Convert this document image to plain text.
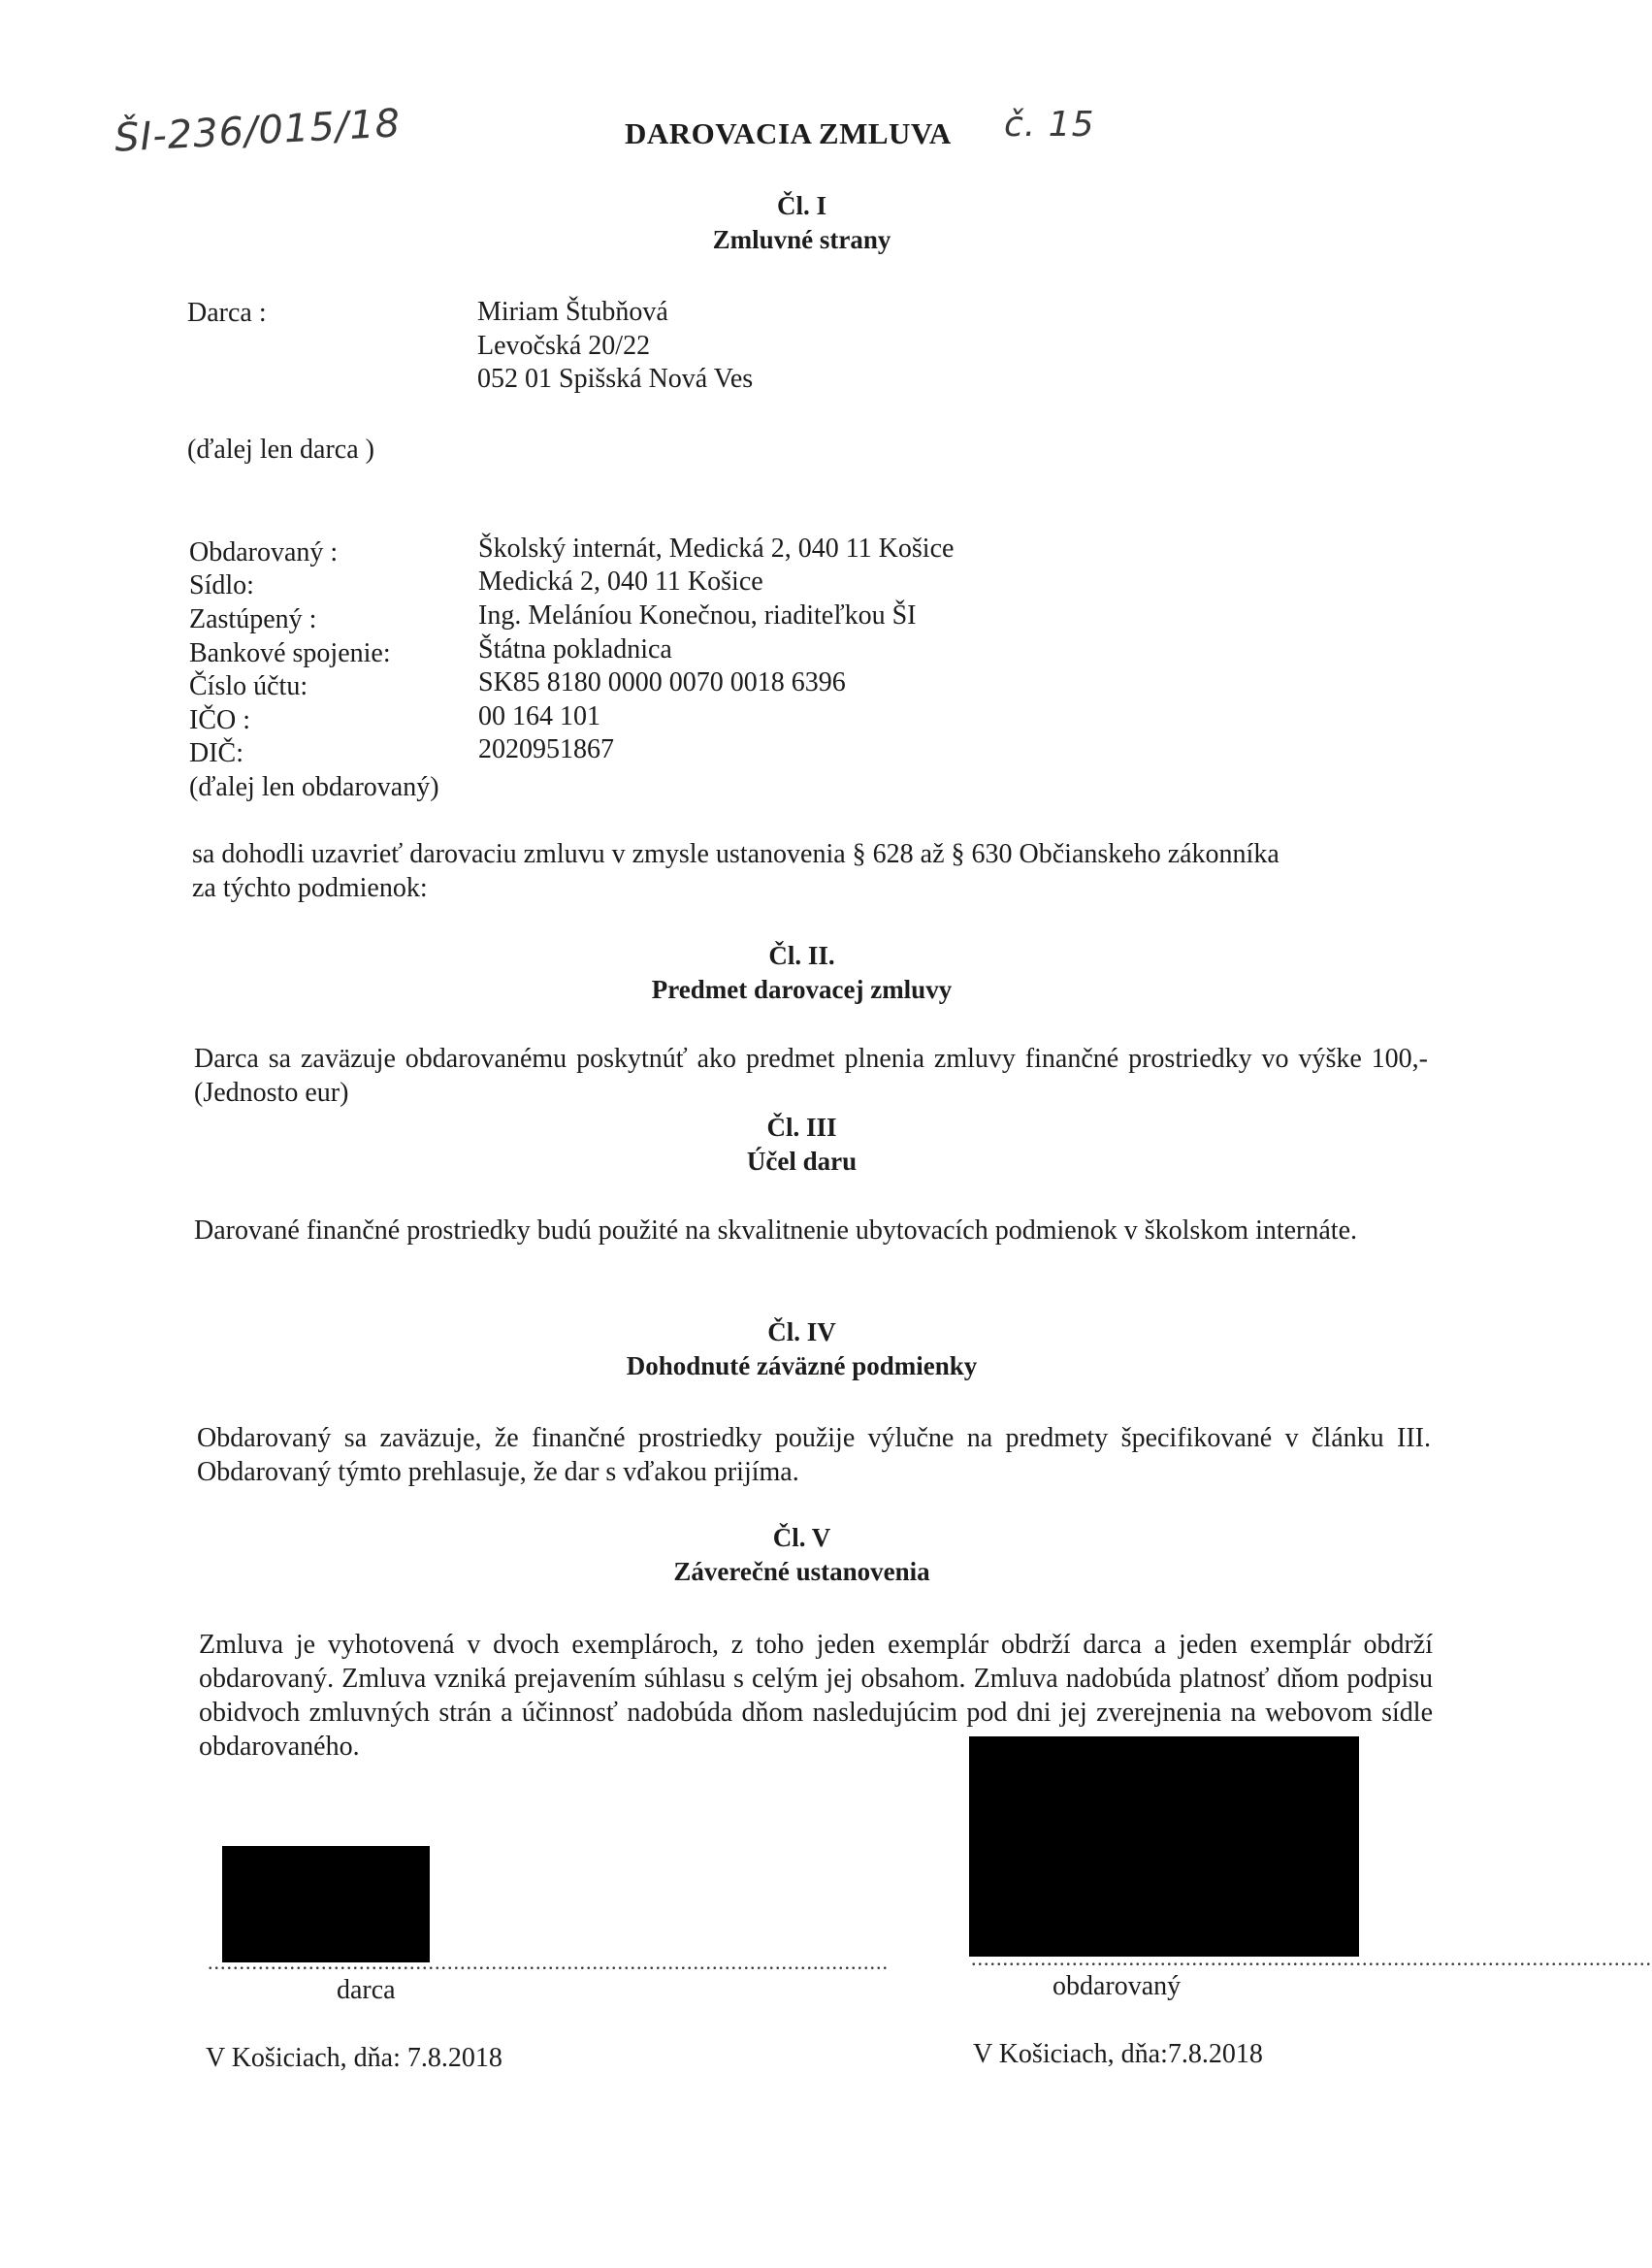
ŠI-236/015/18	DAROVACIA ZMLUVA č. 15
Čl. I
Zmluvné strany
Darca :	Miriam Štubňová
Levočská 20/22
052 01 Spišská Nová Ves
(ďalej len darca )
Obdarovaný :	Školský internát, Medická 2, 040 11 Košice
Sídlo:	Medická 2, 040 11 Košice
Zastúpený :	Ing. Meláníou Konečnou, riaditeľkou ŠI
Bankové spojenie:	Štátna pokladnica
Číslo účtu:	SK85 8180 0000 0070 0018 6396
IČO :	00 164 101
DIČ:	2020951867
(ďalej len obdarovaný)
sa dohodli uzavrieť darovaciu zmluvu v zmysle ustanovenia § 628 až § 630 Občianskeho zákonníka
za týchto podmienok:
Čl. II.
Predmet darovacej zmluvy
Darca sa zaväzuje obdarovanému poskytnúť ako predmet plnenia zmluvy finančné prostriedky vo výške 100,- (Jednosto eur)
Čl. III
Účel daru
Darované finančné prostriedky budú použité na skvalitnenie ubytovacích podmienok v školskom internáte.
Čl. IV
Dohodnuté záväzné podmienky
Obdarovaný sa zaväzuje, že finančné prostriedky použije výlučne na predmety špecifikované v článku III. Obdarovaný týmto prehlasuje, že dar s vďakou prijíma.
Čl. V
Záverečné ustanovenia
Zmluva je vyhotovená v dvoch exemplároch, z toho jeden exemplár obdrží darca a jeden exemplár obdrží obdarovaný. Zmluva vzniká prejavením súhlasu s celým jej obsahom. Zmluva nadobúda platnosť dňom podpisu obidvoch zmluvných strán a účinnosť nadobúda dňom nasledujúcim pod dni jej zverejnenia na webovom sídle obdarovaného.
............................................................................................................	............................................................................................................
darca	obdarovaný
V Košiciach, dňa: 7.8.2018	V Košiciach, dňa:7.8.2018
